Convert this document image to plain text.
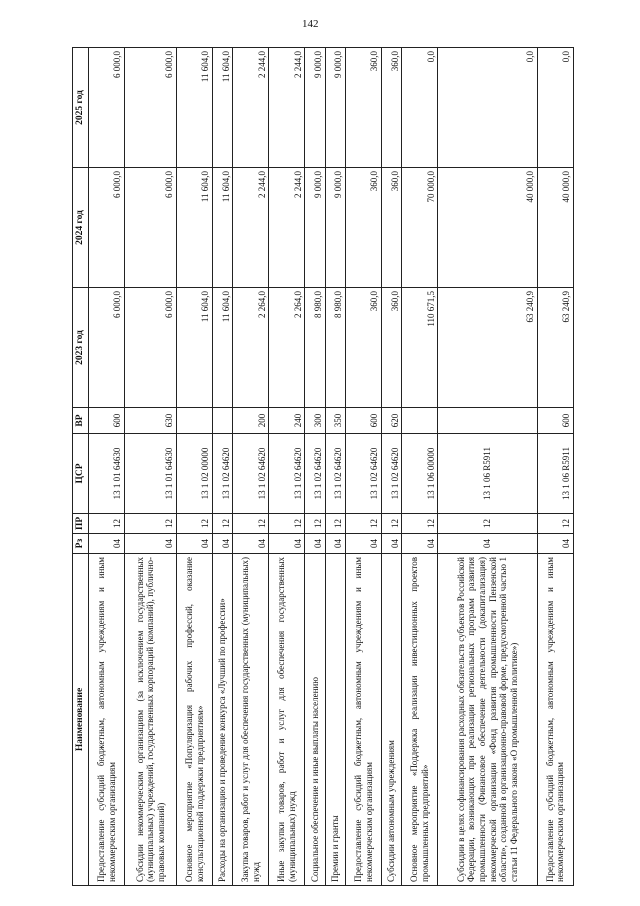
142
Наименование	Рз	ПР	ЦСР	ВР	2023 год	2024 год	2025 год
Предоставление субсидий бюджетным, автономным учреждениям и иным некоммерческим организациям	04	12	13 1 01 64630	600	6 000,0	6 000,0	6 000,0
Субсидии некоммерческим организациям (за исключением государственных (муниципальных) учреждений, государственных корпораций (компаний), публично-правовых компаний)	04	12	13 1 01 64630	630	6 000,0	6 000,0	6 000,0
Основное мероприятие «Популяризация рабочих профессий, оказание консультационной поддержки предприятиям»	04	12	13 1 02 00000		11 604,0	11 604,0	11 604,0
Расходы на организацию и проведение конкурса «Лучший по профессии»	04	12	13 1 02 64620		11 604,0	11 604,0	11 604,0
Закупка товаров, работ и услуг для обеспечения государственных (муниципальных) нужд	04	12	13 1 02 64620	200	2 264,0	2 244,0	2 244,0
Иные закупки товаров, работ и услуг для обеспечения государственных (муниципальных) нужд	04	12	13 1 02 64620	240	2 264,0	2 244,0	2 244,0
Социальное обеспечение и иные выплаты населению	04	12	13 1 02 64620	300	8 980,0	9 000,0	9 000,0
Премии и гранты	04	12	13 1 02 64620	350	8 980,0	9 000,0	9 000,0
Предоставление субсидий бюджетным, автономным учреждениям и иным некоммерческим организациям	04	12	13 1 02 64620	600	360,0	360,0	360,0
Субсидии автономным учреждениям	04	12	13 1 02 64620	620	360,0	360,0	360,0
Основное мероприятие «Поддержка реализации инвестиционных проектов промышленных предприятий»	04	12	13 1 06 00000		110 671,5	70 000,0	0,0
Субсидии в целях софинансирования расходных обязательств субъектов Российской Федерации, возникающих при реализации региональных программ развития промышленности (Финансовое обеспечение деятельности (докапитализация) некоммерческой организации «Фонд развития промышленности Пензенской области», созданной в организационно-правовой форме, предусмотренной частью 1 статьи 11 Федерального закона «О промышленной политике»)	04	12	13 1 06 R5911		63 240,9	40 000,0	0,0
Предоставление субсидий бюджетным, автономным учреждениям и иным некоммерческим организациям	04	12	13 1 06 R5911	600	63 240,9	40 000,0	0,0
